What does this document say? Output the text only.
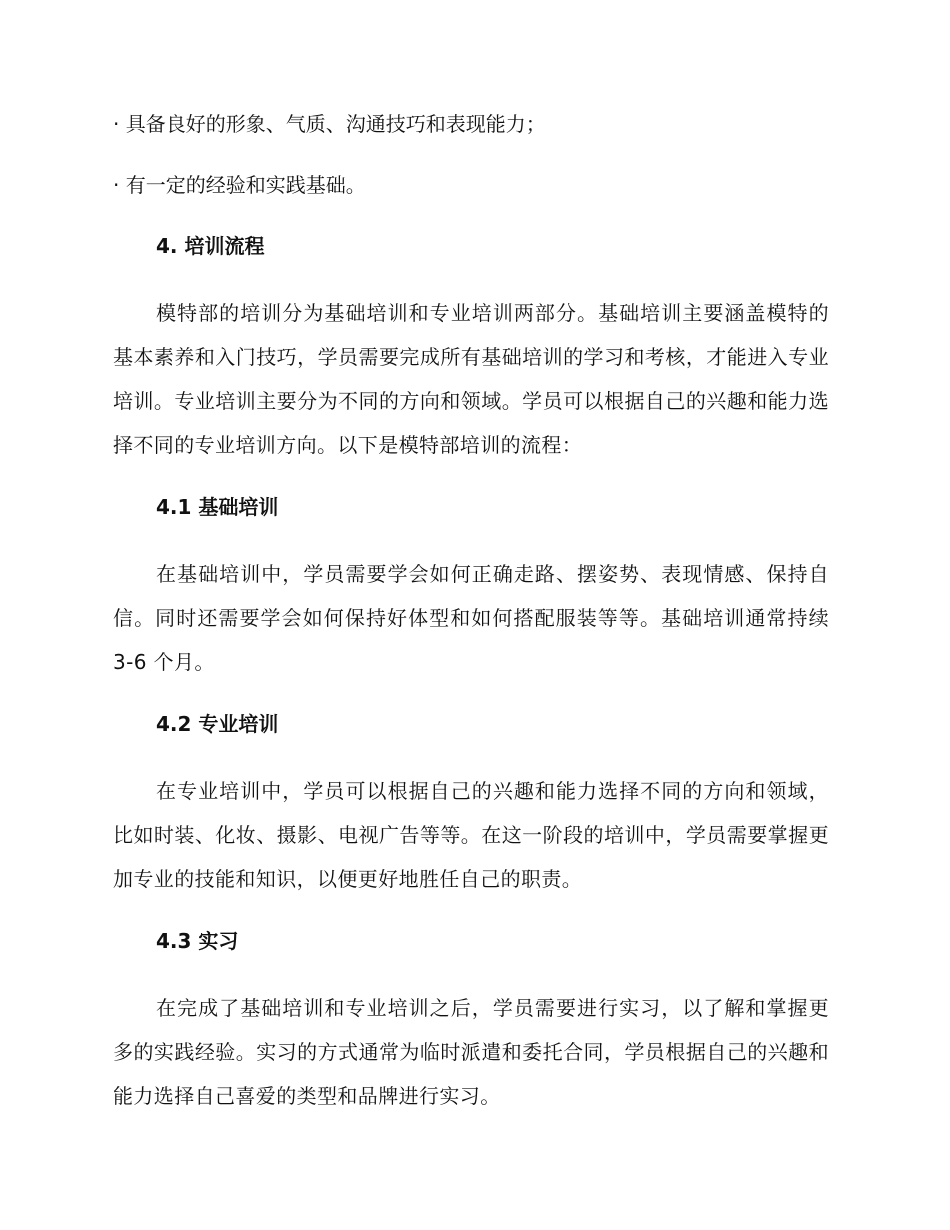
· 具备良好的形象、气质、沟通技巧和表现能力；
· 有一定的经验和实践基础。
4. 培训流程
模特部的培训分为基础培训和专业培训两部分。基础培训主要涵盖模特的基本素养和入门技巧，学员需要完成所有基础培训的学习和考核，才能进入专业培训。专业培训主要分为不同的方向和领域。学员可以根据自己的兴趣和能力选择不同的专业培训方向。以下是模特部培训的流程：
4.1 基础培训
在基础培训中，学员需要学会如何正确走路、摆姿势、表现情感、保持自信。同时还需要学会如何保持好体型和如何搭配服装等等。基础培训通常持续 3-6 个月。
4.2 专业培训
在专业培训中，学员可以根据自己的兴趣和能力选择不同的方向和领域，比如时装、化妆、摄影、电视广告等等。在这一阶段的培训中，学员需要掌握更加专业的技能和知识，以便更好地胜任自己的职责。
4.3 实习
在完成了基础培训和专业培训之后，学员需要进行实习，以了解和掌握更多的实践经验。实习的方式通常为临时派遣和委托合同，学员根据自己的兴趣和能力选择自己喜爱的类型和品牌进行实习。
